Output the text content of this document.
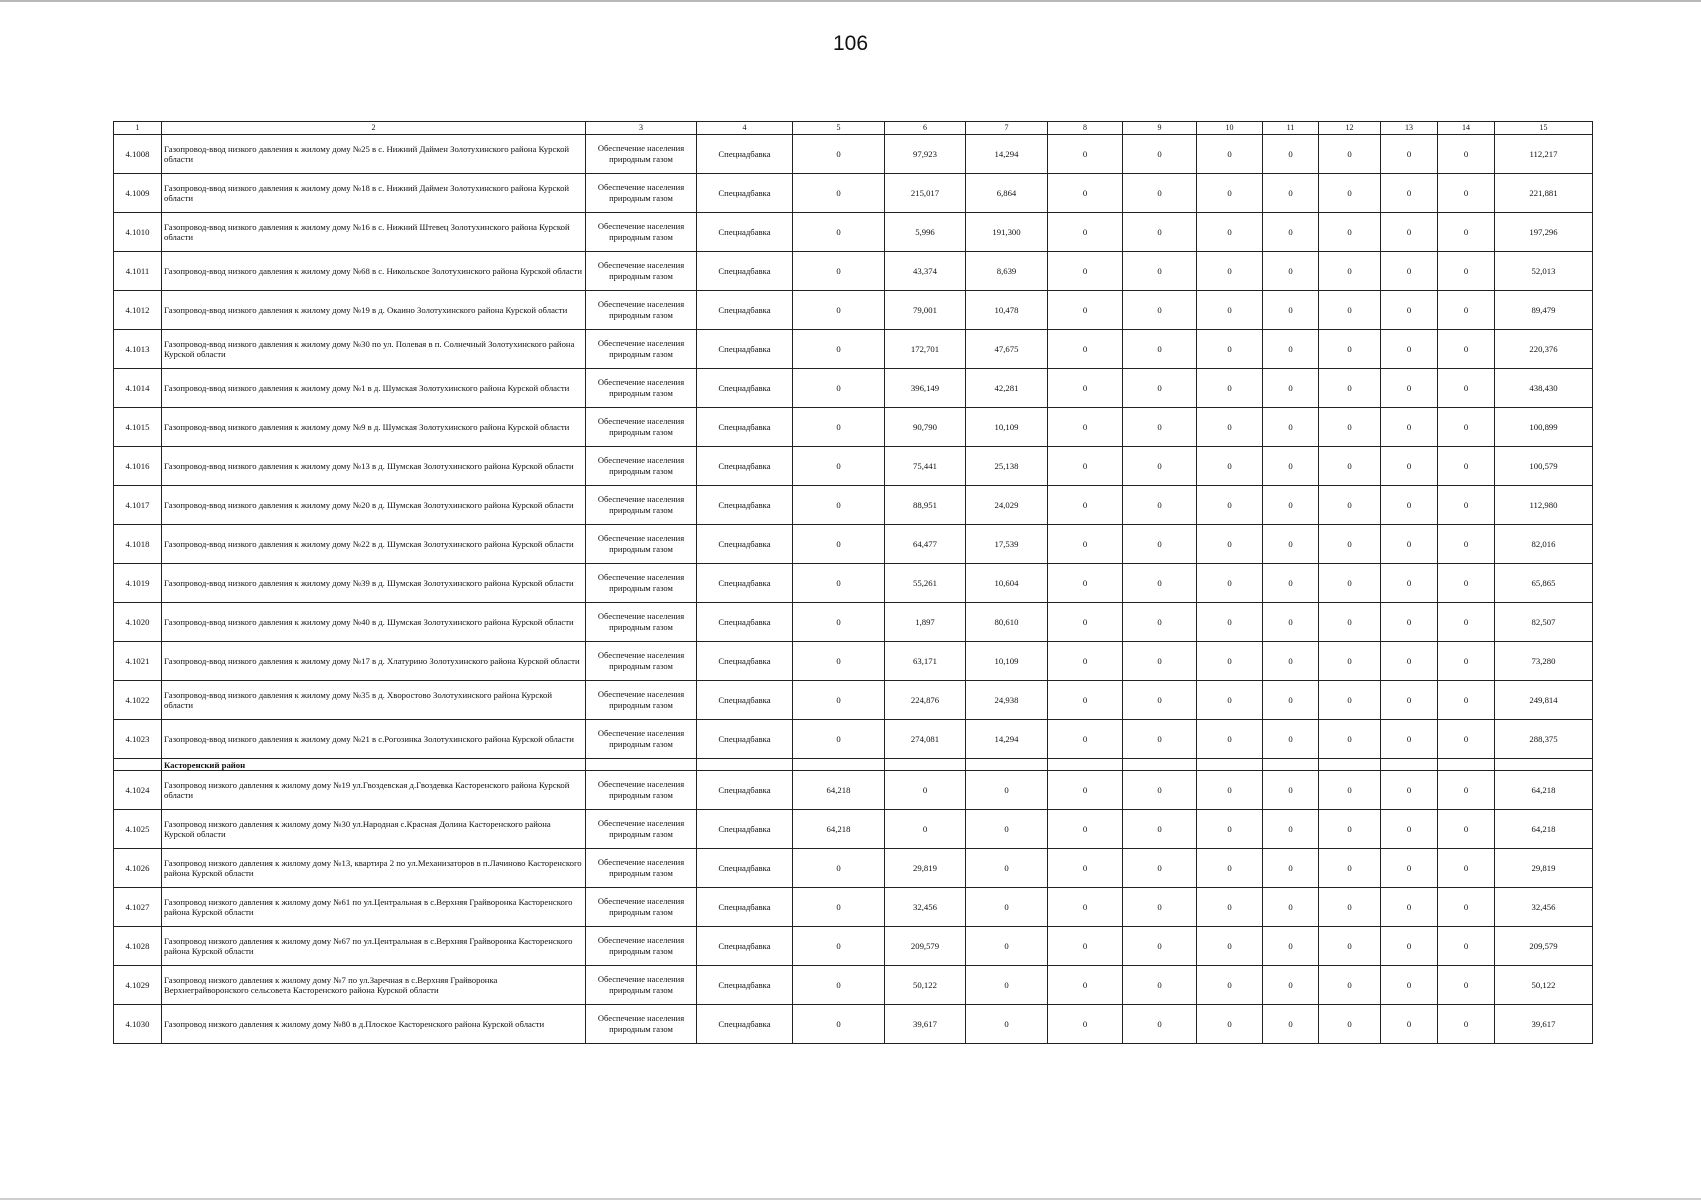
106
1	2	3	4	5	6	7	8	9	10	11	12	13	14	15
4.1008	Газопровод-ввод низкого давления к жилому дому №25 в с. Нижний Даймен Золотухинского района Курской области	Обеспечение населения природным газом	Спецнадбавка	0	97,923	14,294	0	0	0	0	0	0	0	112,217
4.1009	Газопровод-ввод низкого давления к жилому дому №18 в с. Нижний Даймен Золотухинского района Курской области	Обеспечение населения природным газом	Спецнадбавка	0	215,017	6,864	0	0	0	0	0	0	0	221,881
4.1010	Газопровод-ввод низкого давления к жилому дому №16 в с. Нижний Штевец Золотухинского района Курской области	Обеспечение населения природным газом	Спецнадбавка	0	5,996	191,300	0	0	0	0	0	0	0	197,296
4.1011	Газопровод-ввод низкого давления к жилому дому №68 в с. Никольское Золотухинского района Курской области	Обеспечение населения природным газом	Спецнадбавка	0	43,374	8,639	0	0	0	0	0	0	0	52,013
4.1012	Газопровод-ввод низкого давления к жилому дому №19 в д. Окаино Золотухинского района Курской области	Обеспечение населения природным газом	Спецнадбавка	0	79,001	10,478	0	0	0	0	0	0	0	89,479
4.1013	Газопровод-ввод низкого давления к жилому дому №30 по ул. Полевая в п. Солнечный Золотухинского района Курской области	Обеспечение населения природным газом	Спецнадбавка	0	172,701	47,675	0	0	0	0	0	0	0	220,376
4.1014	Газопровод-ввод низкого давления к жилому дому №1 в д. Шумская Золотухинского района Курской области	Обеспечение населения природным газом	Спецнадбавка	0	396,149	42,281	0	0	0	0	0	0	0	438,430
4.1015	Газопровод-ввод низкого давления к жилому дому №9 в д. Шумская Золотухинского района Курской области	Обеспечение населения природным газом	Спецнадбавка	0	90,790	10,109	0	0	0	0	0	0	0	100,899
4.1016	Газопровод-ввод низкого давления к жилому дому №13 в д. Шумская Золотухинского района Курской области	Обеспечение населения природным газом	Спецнадбавка	0	75,441	25,138	0	0	0	0	0	0	0	100,579
4.1017	Газопровод-ввод низкого давления к жилому дому №20 в д. Шумская Золотухинского района Курской области	Обеспечение населения природным газом	Спецнадбавка	0	88,951	24,029	0	0	0	0	0	0	0	112,980
4.1018	Газопровод-ввод низкого давления к жилому дому №22 в д. Шумская Золотухинского района Курской области	Обеспечение населения природным газом	Спецнадбавка	0	64,477	17,539	0	0	0	0	0	0	0	82,016
4.1019	Газопровод-ввод низкого давления к жилому дому №39 в д. Шумская Золотухинского района Курской области	Обеспечение населения природным газом	Спецнадбавка	0	55,261	10,604	0	0	0	0	0	0	0	65,865
4.1020	Газопровод-ввод низкого давления к жилому дому №40 в д. Шумская Золотухинского района Курской области	Обеспечение населения природным газом	Спецнадбавка	0	1,897	80,610	0	0	0	0	0	0	0	82,507
4.1021	Газопровод-ввод низкого давления к жилому дому №17 в д. Хлатурино Золотухинского района Курской области	Обеспечение населения природным газом	Спецнадбавка	0	63,171	10,109	0	0	0	0	0	0	0	73,280
4.1022	Газопровод-ввод низкого давления к жилому дому №35 в д. Хворостово Золотухинского района Курской области	Обеспечение населения природным газом	Спецнадбавка	0	224,876	24,938	0	0	0	0	0	0	0	249,814
4.1023	Газопровод-ввод низкого давления к жилому дому №21 в с.Рогозинка Золотухинского района Курской области	Обеспечение населения природным газом	Спецнадбавка	0	274,081	14,294	0	0	0	0	0	0	0	288,375
	Касторенский район													
4.1024	Газопровод низкого давления к жилому дому №19 ул.Гвоздевская д.Гвоздевка Касторенского района Курской области	Обеспечение населения природным газом	Спецнадбавка	64,218	0	0	0	0	0	0	0	0	0	64,218
4.1025	Газопровод низкого давления к жилому дому №30 ул.Народная с.Красная Долина Касторенского района Курской области	Обеспечение населения природным газом	Спецнадбавка	64,218	0	0	0	0	0	0	0	0	0	64,218
4.1026	Газопровод низкого давления к жилому дому №13, квартира 2 по ул.Механизаторов в п.Лачиново Касторенского района Курской области	Обеспечение населения природным газом	Спецнадбавка	0	29,819	0	0	0	0	0	0	0	0	29,819
4.1027	Газопровод низкого давления к жилому дому №61 по ул.Центральная в с.Верхняя Грайворонка Касторенского района Курской области	Обеспечение населения природным газом	Спецнадбавка	0	32,456	0	0	0	0	0	0	0	0	32,456
4.1028	Газопровод низкого давления к жилому дому №67 по ул.Центральная в с.Верхняя Грайворонка Касторенского района Курской области	Обеспечение населения природным газом	Спецнадбавка	0	209,579	0	0	0	0	0	0	0	0	209,579
4.1029	Газопровод низкого давления к жилому дому №7 по ул.Заречная в с.Верхняя Грайворонка Верхнеграйворонского сельсовета Касторенского района Курской области	Обеспечение населения природным газом	Спецнадбавка	0	50,122	0	0	0	0	0	0	0	0	50,122
4.1030	Газопровод низкого давления к жилому дому №80 в д.Плоское Касторенского района Курской области	Обеспечение населения природным газом	Спецнадбавка	0	39,617	0	0	0	0	0	0	0	0	39,617
